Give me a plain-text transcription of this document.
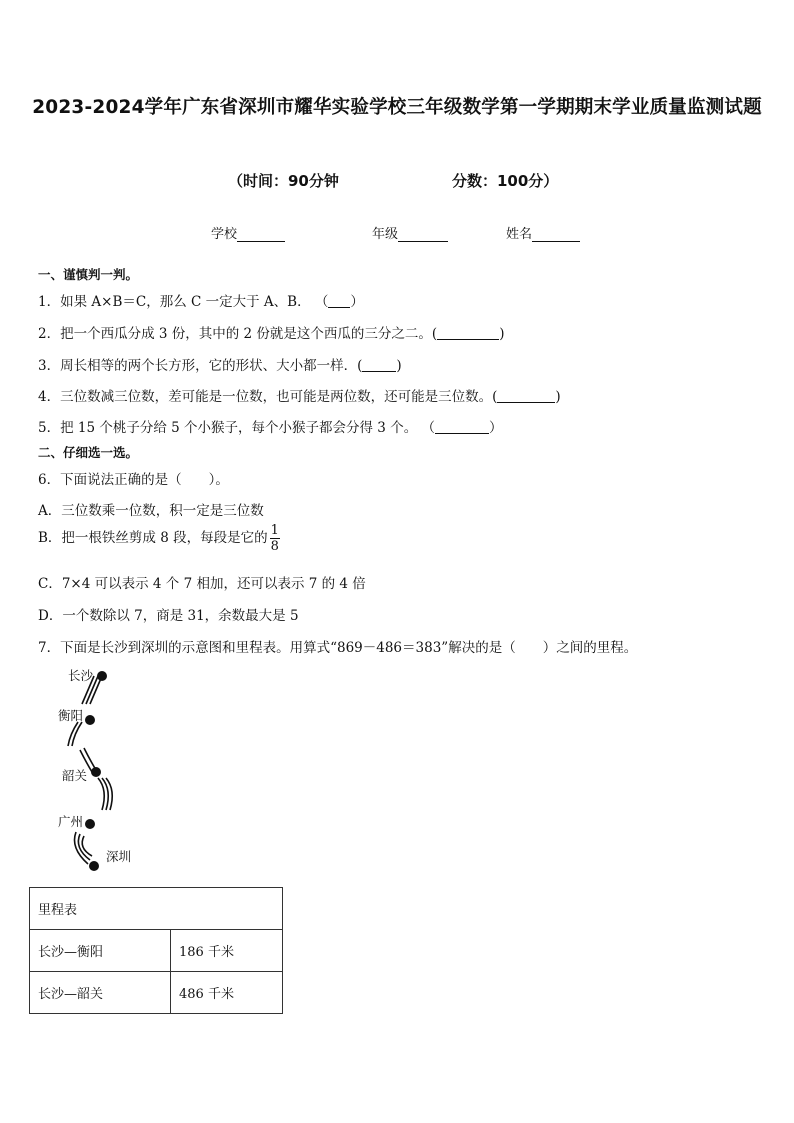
2023-2024学年广东省深圳市耀华实验学校三年级数学第一学期期末学业质量监测试题
（时间：90分钟	分数：100分）
学校	年级	姓名
一、谨慎判一判。
1．如果 A×B＝C，那么 C 一定大于 A、B． （ ）
2．把一个西瓜分成 3 份，其中的 2 份就是这个西瓜的三分之二。(	)
3．周长相等的两个长方形，它的形状、大小都一样．(	)
4．三位数减三位数，差可能是一位数，也可能是两位数，还可能是三位数。(	)
5．把 15 个桃子分给 5 个小猴子，每个小猴子都会分得 3 个。 （	）
二、仔细选一选。
6．下面说法正确的是（　　）。
A．三位数乘一位数，积一定是三位数
B．把一根铁丝剪成 8 段，每段是它的 $\frac{1}{8}$
C．7×4 可以表示 4 个 7 相加，还可以表示 7 的 4 倍
D．一个数除以 7，商是 31，余数最大是 5
7．下面是长沙到深圳的示意图和里程表。用算式“869－486＝383”解决的是（　　）之间的里程。
长沙
衡阳
韶关
广州
深圳
里程表	
长沙—衡阳	186 千米
长沙—韶关	486 千米
